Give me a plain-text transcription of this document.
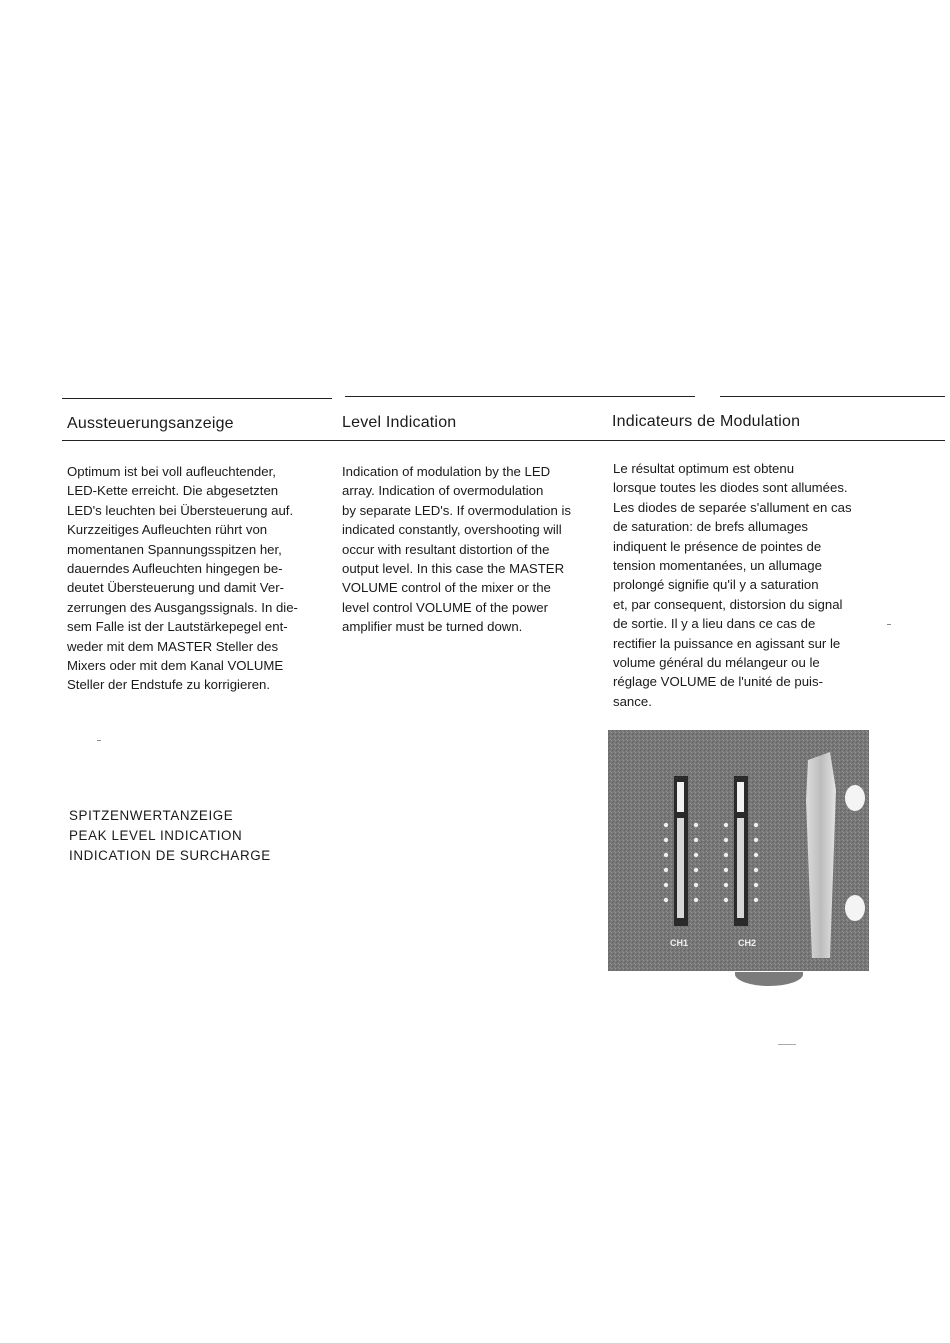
Aussteuerungsanzeige	Level Indication	Indicateurs de Modulation
Optimum ist bei voll aufleuchtender,
LED-Kette erreicht. Die abgesetzten
LED's leuchten bei Übersteuerung auf.
Kurzzeitiges Aufleuchten rührt von
momentanen Spannungsspitzen her,
dauerndes Aufleuchten hingegen be-
deutet Übersteuerung und damit Ver-
zerrungen des Ausgangssignals. In die-
sem Falle ist der Lautstärkepegel ent-
weder mit dem MASTER Steller des
Mixers oder mit dem Kanal VOLUME
Steller der Endstufe zu korrigieren.
Indication of modulation by the LED
array. Indication of overmodulation
by separate LED's. If overmodulation is
indicated constantly, overshooting will
occur with resultant distortion of the
output level. In this case the MASTER
VOLUME control of the mixer or the
level control VOLUME of the power
amplifier must be turned down.
Le résultat optimum est obtenu
lorsque toutes les diodes sont allumées.
Les diodes de separée s'allument en cas
de saturation: de brefs allumages
indiquent le présence de pointes de
tension momentanées, un allumage
prolongé signifie qu'il y a saturation
et, par consequent, distorsion du signal
de sortie. Il y a lieu dans ce cas de
rectifier la puissance en agissant sur le
volume général du mélangeur ou le
réglage VOLUME de l'unité de puis-
sance.
SPITZENWERTANZEIGE
PEAK LEVEL INDICATION
INDICATION DE SURCHARGE
CH1	CH2
